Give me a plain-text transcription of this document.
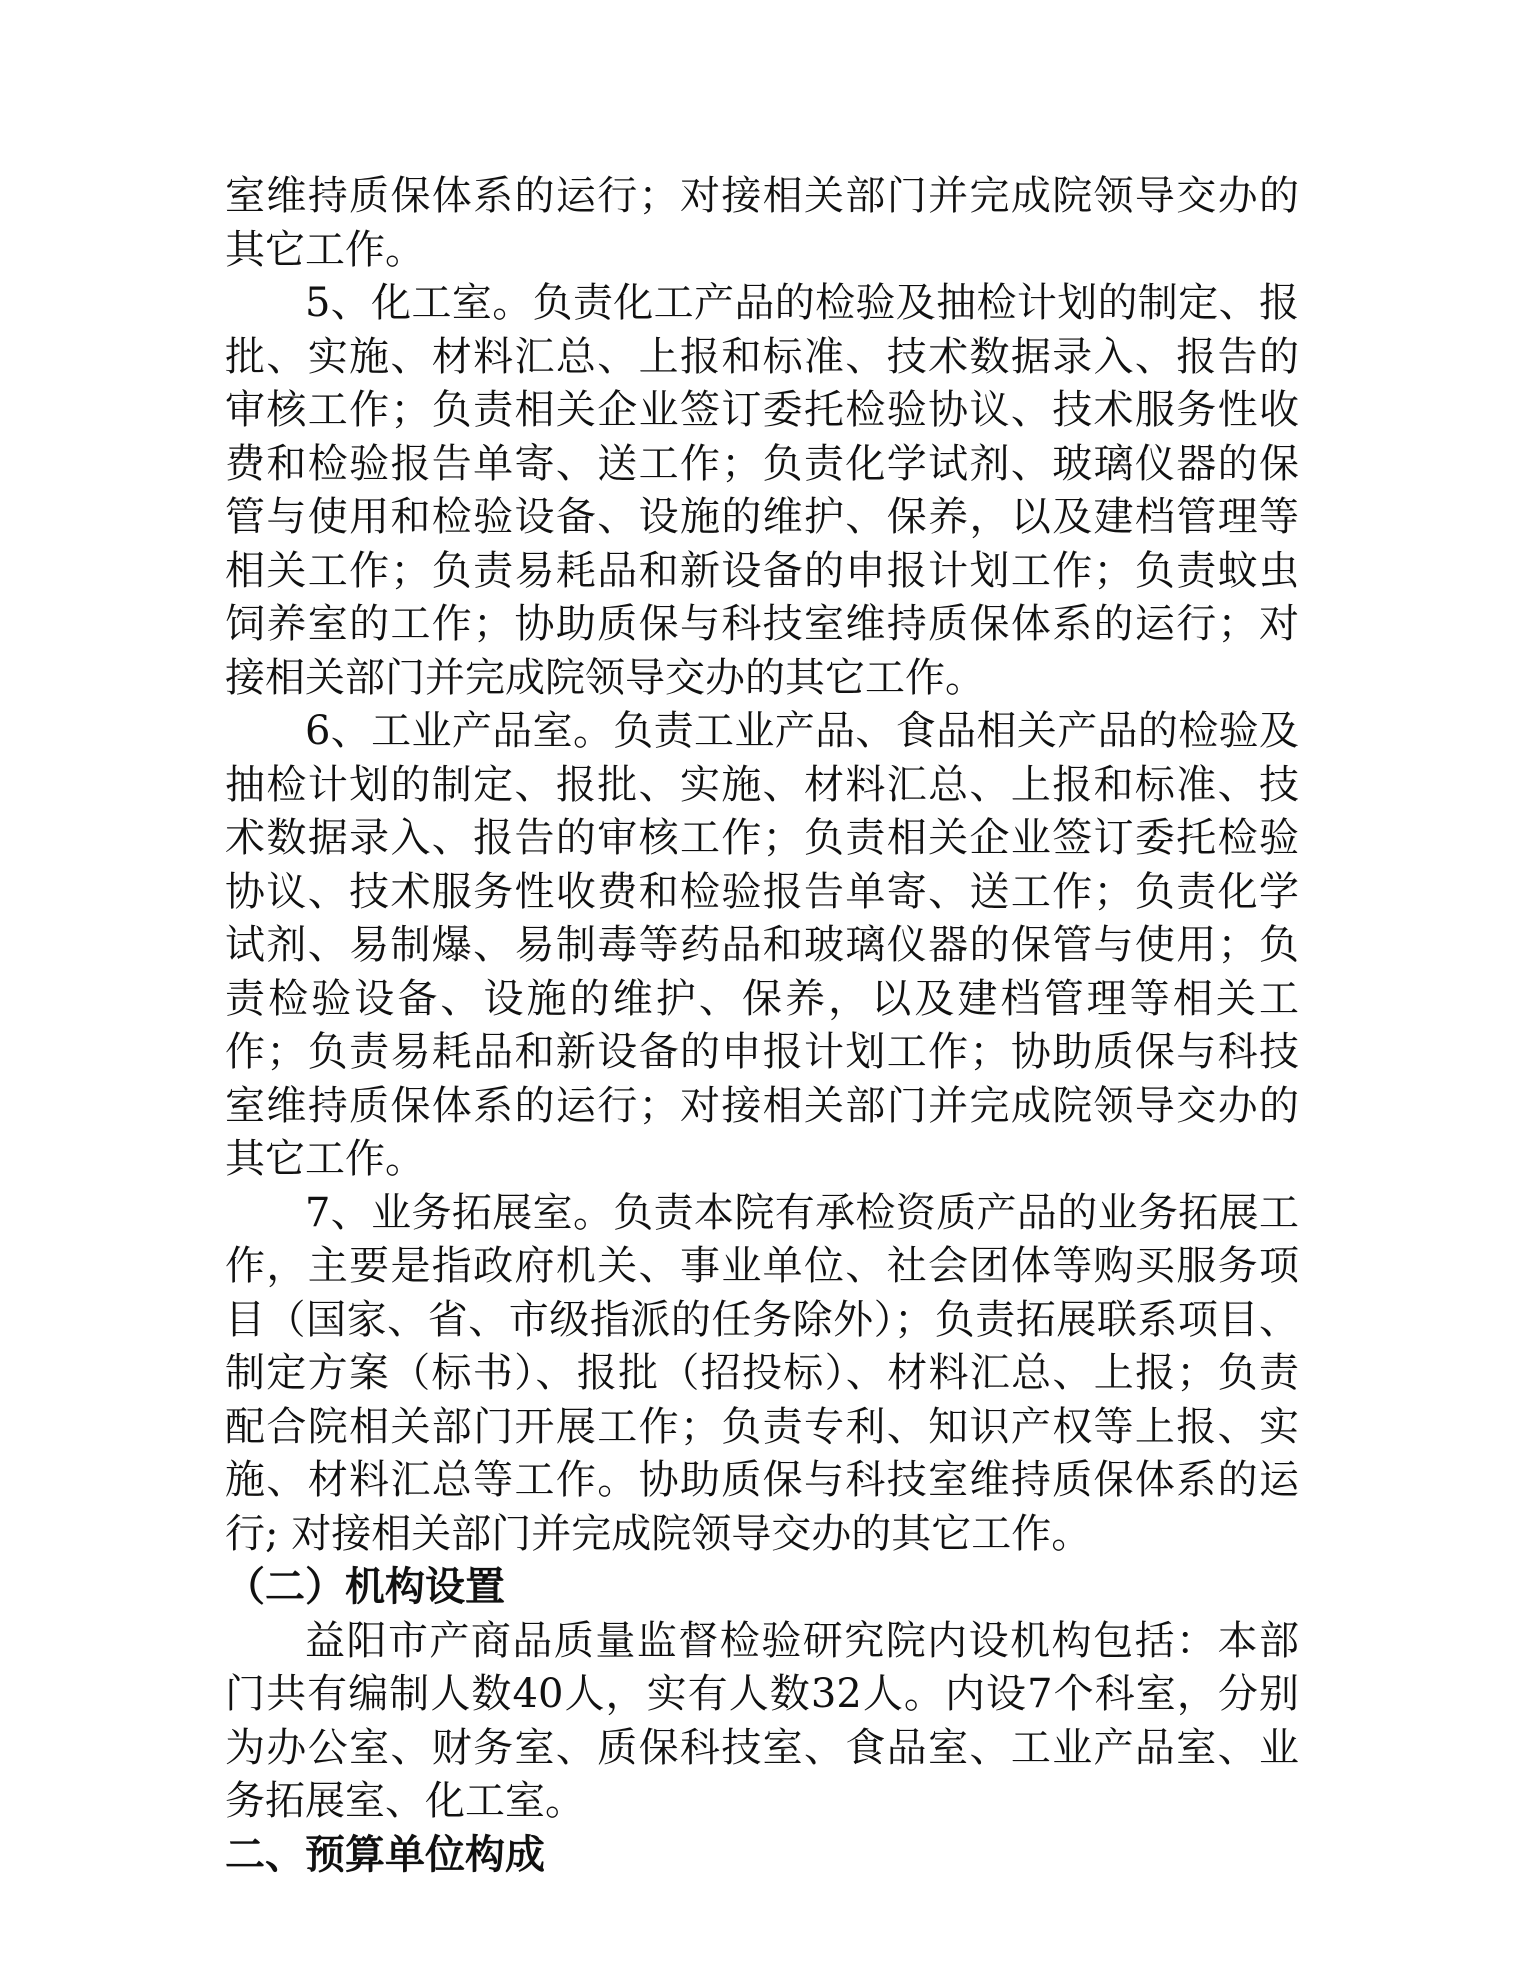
室维持质保体系的运行；对接相关部门并完成院领导交办的其它工作。

5、化工室。负责化工产品的检验及抽检计划的制定、报批、实施、材料汇总、上报和标准、技术数据录入、报告的审核工作；负责相关企业签订委托检验协议、技术服务性收费和检验报告单寄、送工作；负责化学试剂、玻璃仪器的保管与使用和检验设备、设施的维护、保养，以及建档管理等相关工作；负责易耗品和新设备的申报计划工作；负责蚊虫饲养室的工作；协助质保与科技室维持质保体系的运行；对接相关部门并完成院领导交办的其它工作。

6、工业产品室。负责工业产品、食品相关产品的检验及抽检计划的制定、报批、实施、材料汇总、上报和标准、技术数据录入、报告的审核工作；负责相关企业签订委托检验协议、技术服务性收费和检验报告单寄、送工作；负责化学试剂、易制爆、易制毒等药品和玻璃仪器的保管与使用；负责检验设备、设施的维护、保养，以及建档管理等相关工作；负责易耗品和新设备的申报计划工作；协助质保与科技室维持质保体系的运行；对接相关部门并完成院领导交办的其它工作。

7、业务拓展室。负责本院有承检资质产品的业务拓展工作，主要是指政府机关、事业单位、社会团体等购买服务项目（国家、省、市级指派的任务除外）；负责拓展联系项目、制定方案（标书）、报批（招投标）、材料汇总、上报；负责配合院相关部门开展工作；负责专利、知识产权等上报、实施、材料汇总等工作。协助质保与科技室维持质保体系的运行; 对接相关部门并完成院领导交办的其它工作。

（二）机构设置

益阳市产商品质量监督检验研究院内设机构包括：本部门共有编制人数40人，实有人数32人。内设7个科室，分别为办公室、财务室、质保科技室、食品室、工业产品室、业务拓展室、化工室。

二、预算单位构成
